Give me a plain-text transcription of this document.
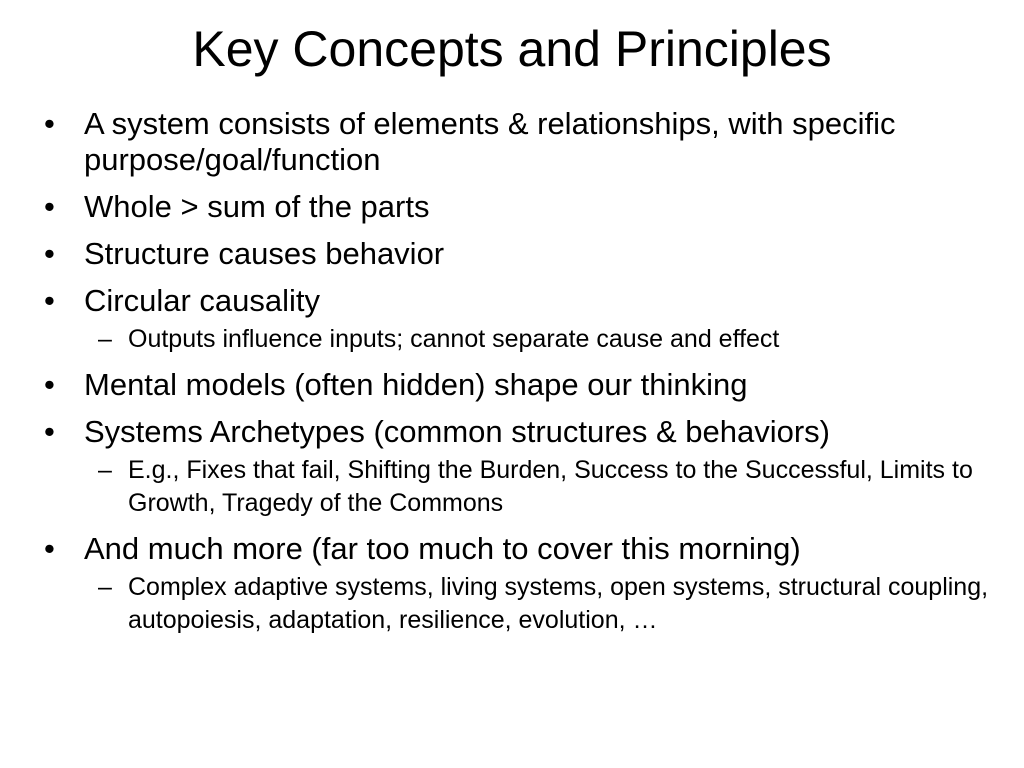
Key Concepts and Principles
• A system consists of elements & relationships, with specific purpose/goal/function
• Whole > sum of the parts
• Structure causes behavior
• Circular causality
– Outputs influence inputs; cannot separate cause and effect
• Mental models (often hidden) shape our thinking
• Systems Archetypes (common structures & behaviors)
– E.g., Fixes that fail, Shifting the Burden, Success to the Successful, Limits to Growth, Tragedy of the Commons
• And much more (far too much to cover this morning)
– Complex adaptive systems, living systems, open systems, structural coupling, autopoiesis, adaptation, resilience, evolution, …
